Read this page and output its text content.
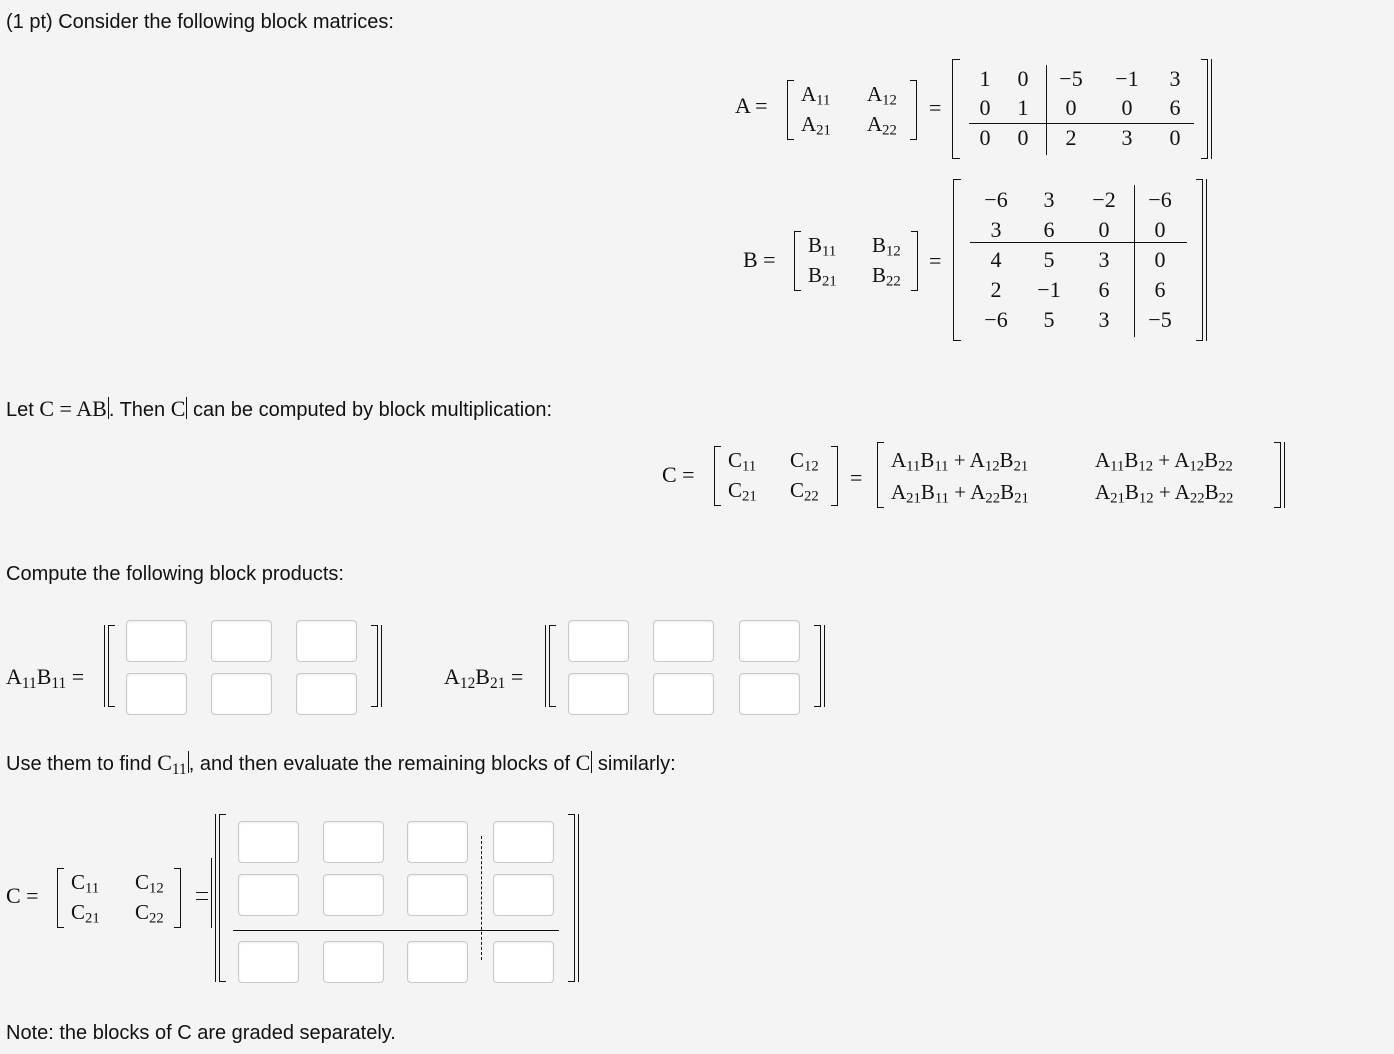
(1 pt) Consider the following block matrices:
$A = A_{11}$ $A_{12}$
$A_{21}$ $A_{22}$
=
1	0	−5	−1	3
0	1	0	0	6
0	0	2	3	0
B =
$B_{11}$ $B_{12}$
$B_{21}$ $B_{22}$
=
−6	3	−2	−6
3	6	0	0
4	5	3	0
2	−1	6	6
−6	5	3	−5
Let C = AB . Then C can be computed by block multiplication:
C =
$C_{11}$ $C_{12}$
$C_{21}$ $C_{22}$
=
$A_{11}B_{11} + A_{12}B_{21}$	$A_{11}B_{12} + A_{12}B_{22}$
$A_{21}B_{11} + A_{22}B_{21}$	$A_{21}B_{12} + A_{22}B_{22}$
Compute the following block products:
$A_{11}B_{11}$ =	$A_{12}B_{21}$ =
Use them to find $C_{11}$ , and then evaluate the remaining blocks of C similarly:
C =
$C_{11}$ $C_{12}$
$C_{21}$ $C_{22}$
Note: the blocks of C are graded separately.
